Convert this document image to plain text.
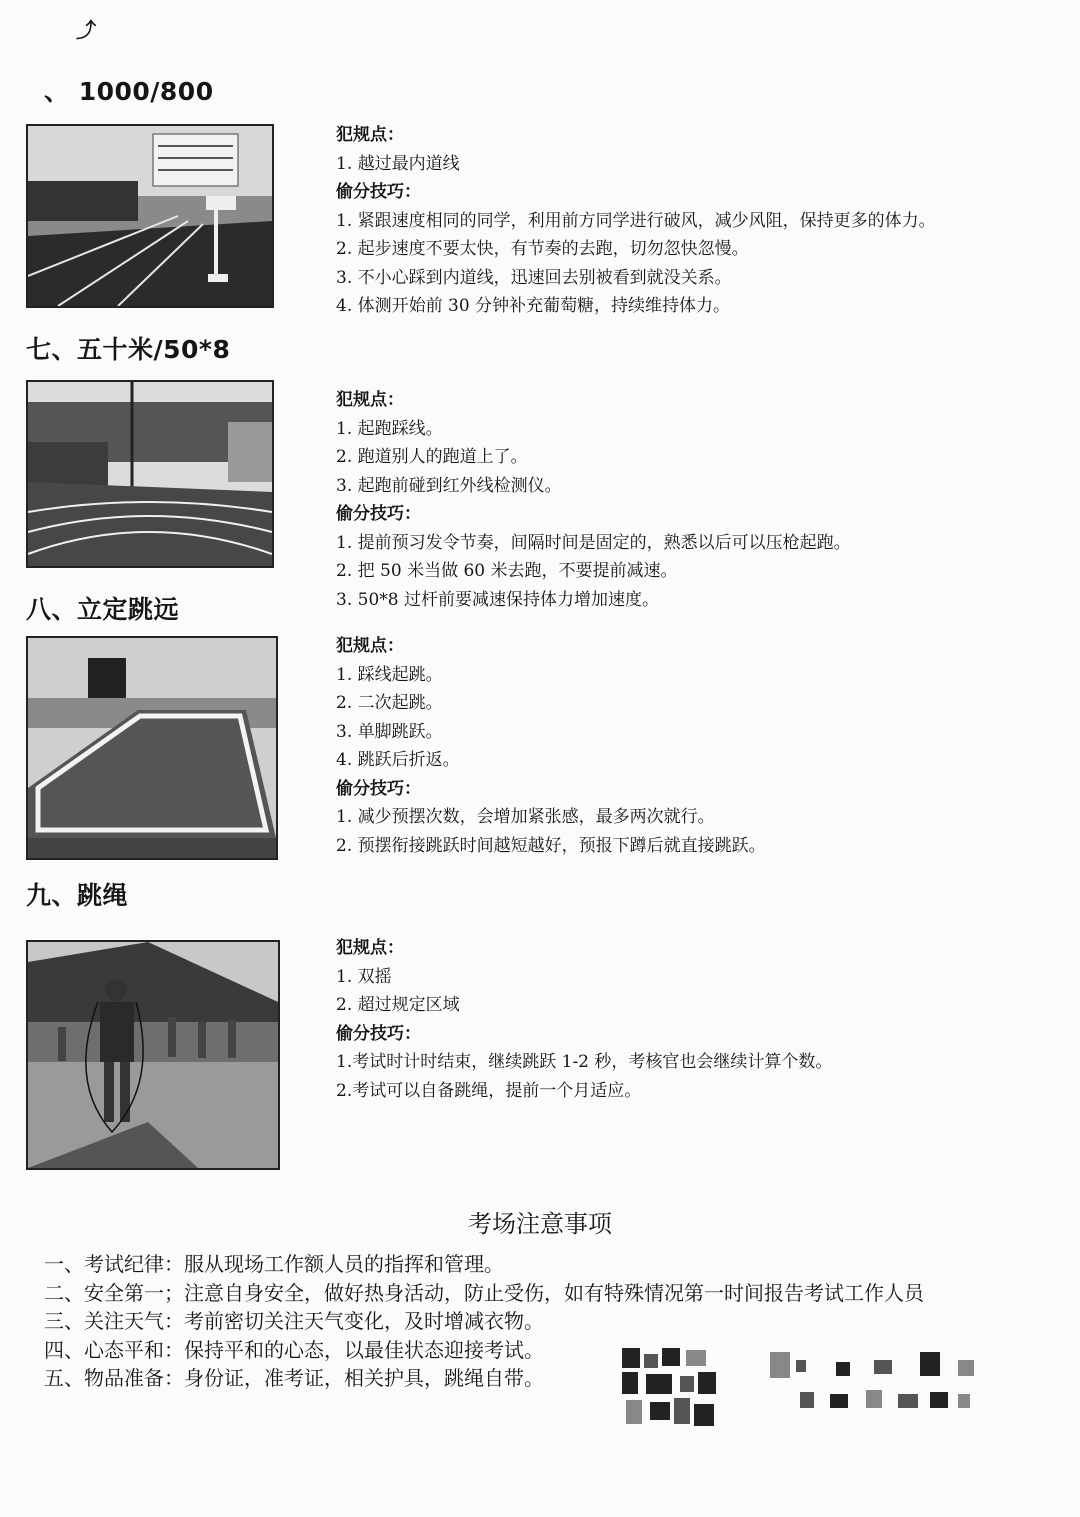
⤴
、 1000/800

犯规点：

1. 越过最内道线

偷分技巧：

1. 紧跟速度相同的同学，利用前方同学进行破风，减少风阻，保持更多的体力。

2. 起步速度不要太快，有节奏的去跑，切勿忽快忽慢。

3. 不小心踩到内道线，迅速回去别被看到就没关系。

4. 体测开始前 30 分钟补充葡萄糖，持续维持体力。

七、五十米/50*8

犯规点：

1. 起跑踩线。

2. 跑道别人的跑道上了。

3. 起跑前碰到红外线检测仪。

偷分技巧：

1. 提前预习发令节奏，间隔时间是固定的，熟悉以后可以压枪起跑。

2. 把 50 米当做 60 米去跑，不要提前减速。

3. 50*8 过杆前要减速保持体力增加速度。

八、立定跳远

犯规点：

1. 踩线起跳。

2. 二次起跳。

3. 单脚跳跃。

4. 跳跃后折返。

偷分技巧：

1. 减少预摆次数，会增加紧张感，最多两次就行。

2. 预摆衔接跳跃时间越短越好，预报下蹲后就直接跳跃。

九、跳绳

犯规点：

1. 双摇

2. 超过规定区域

偷分技巧：

1.考试时计时结束，继续跳跃 1-2 秒，考核官也会继续计算个数。

2.考试可以自备跳绳，提前一个月适应。

考场注意事项

一、考试纪律：服从现场工作额人员的指挥和管理。

二、安全第一；注意自身安全，做好热身活动，防止受伤，如有特殊情况第一时间报告考试工作人员

三、关注天气：考前密切关注天气变化，及时增减衣物。

四、心态平和：保持平和的心态，以最佳状态迎接考试。

五、物品准备：身份证，准考证，相关护具，跳绳自带。
